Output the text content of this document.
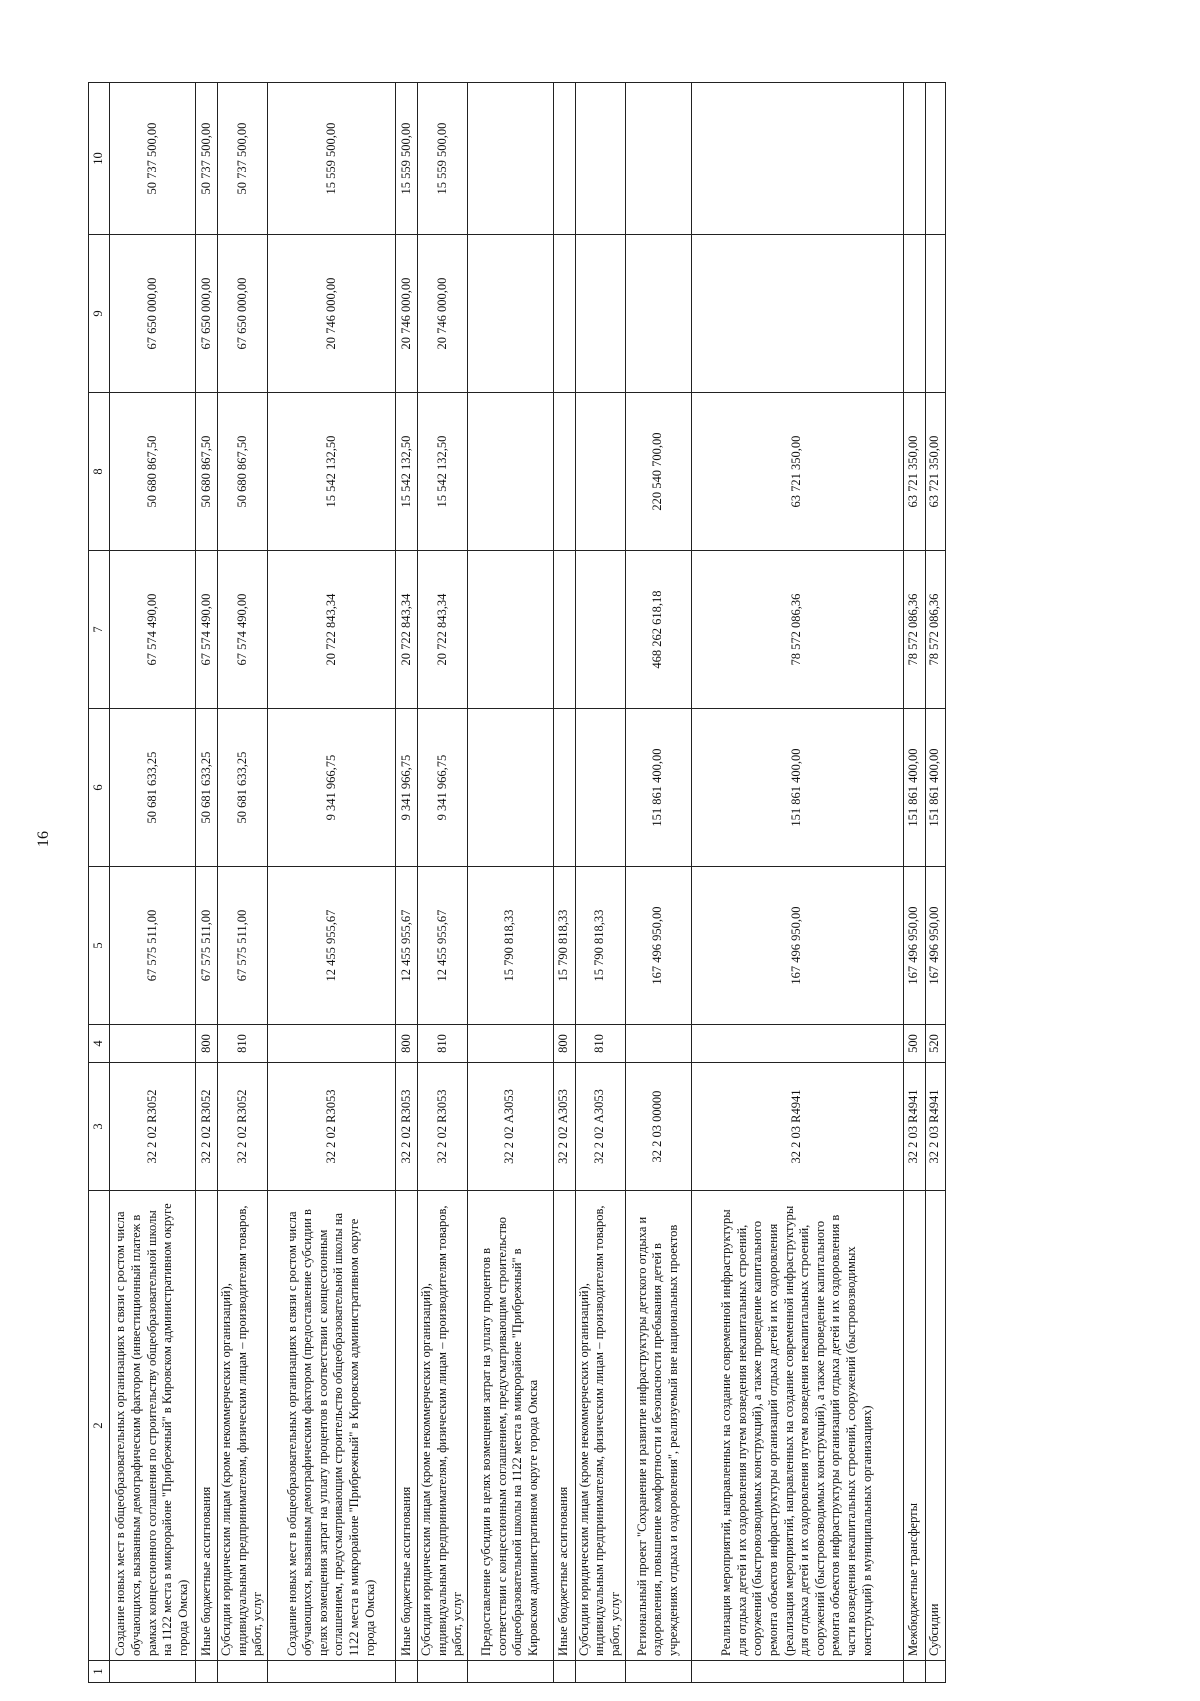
16
1	2	3	4	5	6	7	8	9	10
	Создание новых мест в общеобразовательных организациях в связи с ростом числа обучающихся, вызванным демографическим фактором (инвестиционный платеж в рамках концессионного соглашения по строительству общеобразовательной школы на 1122 места в микрорайоне "Прибрежный" в Кировском административном округе города Омска)	32 2 02 R3052		67 575 511,00	50 681 633,25	67 574 490,00	50 680 867,50	67 650 000,00	50 737 500,00
	Иные бюджетные ассигнования	32 2 02 R3052	800	67 575 511,00	50 681 633,25	67 574 490,00	50 680 867,50	67 650 000,00	50 737 500,00
	Субсидии юридическим лицам (кроме некоммерческих организаций), индивидуальным предпринимателям, физическим лицам – производителям товаров, работ, услуг	32 2 02 R3052	810	67 575 511,00	50 681 633,25	67 574 490,00	50 680 867,50	67 650 000,00	50 737 500,00
	Создание новых мест в общеобразовательных организациях в связи с ростом числа обучающихся, вызванным демографическим фактором (предоставление субсидии в целях возмещения затрат на уплату процентов в соответствии с концессионным соглашением, предусматривающим строительство общеобразовательной школы на 1122 места в микрорайоне "Прибрежный" в Кировском административном округе города Омска)	32 2 02 R3053		12 455 955,67	9 341 966,75	20 722 843,34	15 542 132,50	20 746 000,00	15 559 500,00
	Иные бюджетные ассигнования	32 2 02 R3053	800	12 455 955,67	9 341 966,75	20 722 843,34	15 542 132,50	20 746 000,00	15 559 500,00
	Субсидии юридическим лицам (кроме некоммерческих организаций), индивидуальным предпринимателям, физическим лицам – производителям товаров, работ, услуг	32 2 02 R3053	810	12 455 955,67	9 341 966,75	20 722 843,34	15 542 132,50	20 746 000,00	15 559 500,00
	Предоставление субсидии в целях возмещения затрат на уплату процентов в соответствии с концессионным соглашением, предусматривающим строительство общеобразовательной школы на 1122 места в микрорайоне "Прибрежный" в Кировском административном округе города Омска	32 2 02 А3053		15 790 818,33					
	Иные бюджетные ассигнования	32 2 02 А3053	800	15 790 818,33					
	Субсидии юридическим лицам (кроме некоммерческих организаций), индивидуальным предпринимателям, физическим лицам – производителям товаров, работ, услуг	32 2 02 А3053	810	15 790 818,33					
	Региональный проект "Сохранение и развитие инфраструктуры детского отдыха и оздоровления, повышение комфортности и безопасности пребывания детей в учреждениях отдыха и оздоровления", реализуемый вне национальных проектов	32 2 03 00000		167 496 950,00	151 861 400,00	468 262 618,18	220 540 700,00		
	Реализация мероприятий, направленных на создание современной инфраструктуры для отдыха детей и их оздоровления путем возведения некапитальных строений, сооружений (быстровозводимых конструкций), а также проведение капитального ремонта объектов инфраструктуры организаций отдыха детей и их оздоровления (реализация мероприятий, направленных на создание современной инфраструктуры для отдыха детей и их оздоровления путем возведения некапитальных строений, сооружений (быстровозводимых конструкций), а также проведение капитального ремонта объектов инфраструктуры организаций отдыха детей и их оздоровления в части возведения некапитальных строений, сооружений (быстровозводимых конструкций) в муниципальных организациях)	32 2 03 R4941		167 496 950,00	151 861 400,00	78 572 086,36	63 721 350,00		
	Межбюджетные трансферты	32 2 03 R4941	500	167 496 950,00	151 861 400,00	78 572 086,36	63 721 350,00		
	Субсидии	32 2 03 R4941	520	167 496 950,00	151 861 400,00	78 572 086,36	63 721 350,00		
